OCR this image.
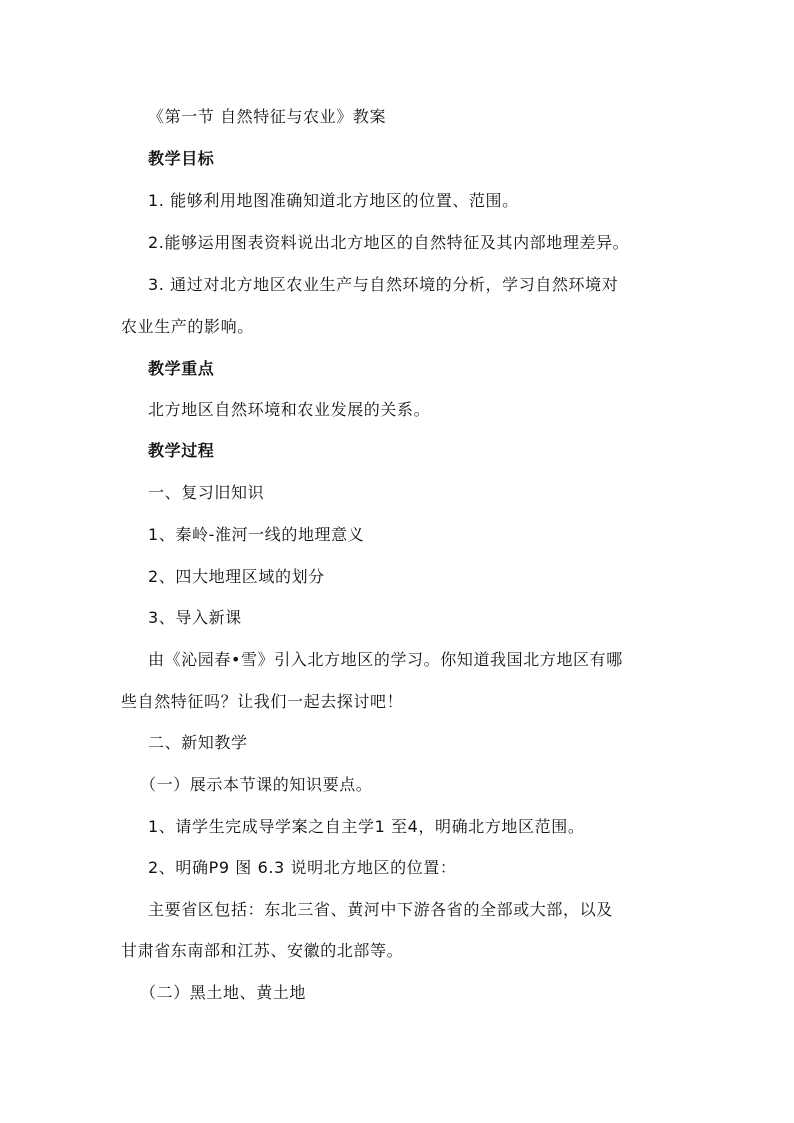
《第一节 自然特征与农业》教案
教学目标
1. 能够利用地图准确知道北方地区的位置、范围。
2.能够运用图表资料说出北方地区的自然特征及其内部地理差异。
3. 通过对北方地区农业生产与自然环境的分析，学习自然环境对
农业生产的影响。
教学重点
北方地区自然环境和农业发展的关系。
教学过程
一、复习旧知识
1、秦岭-淮河一线的地理意义
2、四大地理区域的划分
3、导入新课
由《沁园春•雪》引入北方地区的学习。你知道我国北方地区有哪
些自然特征吗？让我们一起去探讨吧！
二、新知教学
（一）展示本节课的知识要点。
1、请学生完成导学案之自主学1 至4，明确北方地区范围。
2、明确P9 图 6.3 说明北方地区的位置：
主要省区包括：东北三省、黄河中下游各省的全部或大部，以及
甘肃省东南部和江苏、安徽的北部等。
（二）黑土地、黄土地
